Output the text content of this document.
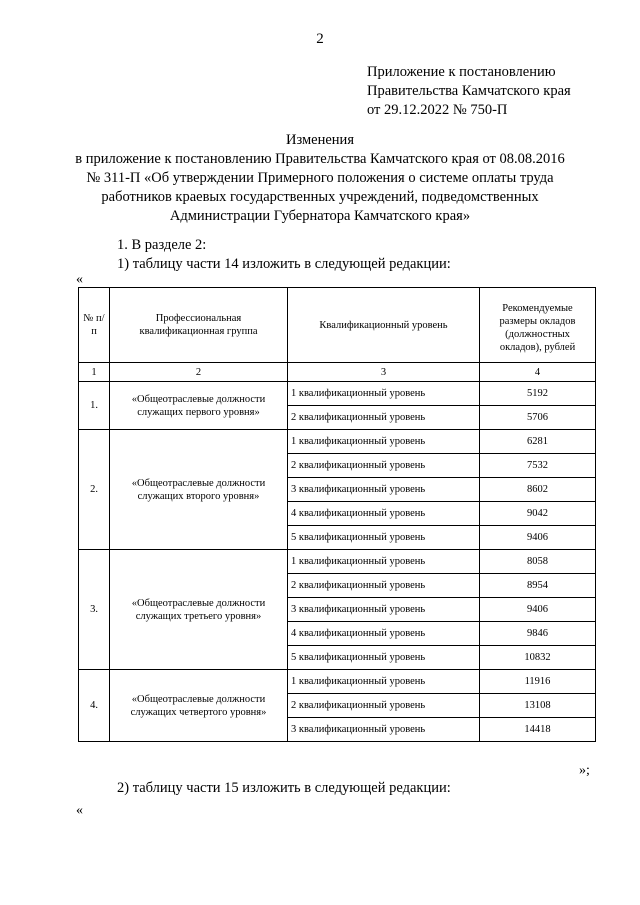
2
Приложение к постановлению
Правительства Камчатского края
от 29.12.2022 № 750-П
Изменения
в приложение к постановлению Правительства Камчатского края от 08.08.2016
№ 311-П «Об утверждении Примерного положения о системе оплаты труда
работников краевых государственных учреждений, подведомственных
Администрации Губернатора Камчатского края»
1. В разделе 2:
1) таблицу части 14 изложить в следующей редакции:
«
№ п/п	Профессиональная квалификационная группа	Квалификационный уровень	Рекомендуемые размеры окладов (должностных окладов), рублей
1	2	3	4
1.	«Общеотраслевые должности служащих первого уровня»	1 квалификационный уровень	5192
		2 квалификационный уровень	5706
2.	«Общеотраслевые должности служащих второго уровня»	1 квалификационный уровень	6281
		2 квалификационный уровень	7532
		3 квалификационный уровень	8602
		4 квалификационный уровень	9042
		5 квалификационный уровень	9406
3.	«Общеотраслевые должности служащих третьего уровня»	1 квалификационный уровень	8058
		2 квалификационный уровень	8954
		3 квалификационный уровень	9406
		4 квалификационный уровень	9846
		5 квалификационный уровень	10832
4.	«Общеотраслевые должности служащих четвертого уровня»	1 квалификационный уровень	11916
		2 квалификационный уровень	13108
		3 квалификационный уровень	14418
»;
2) таблицу части 15 изложить в следующей редакции:
«
